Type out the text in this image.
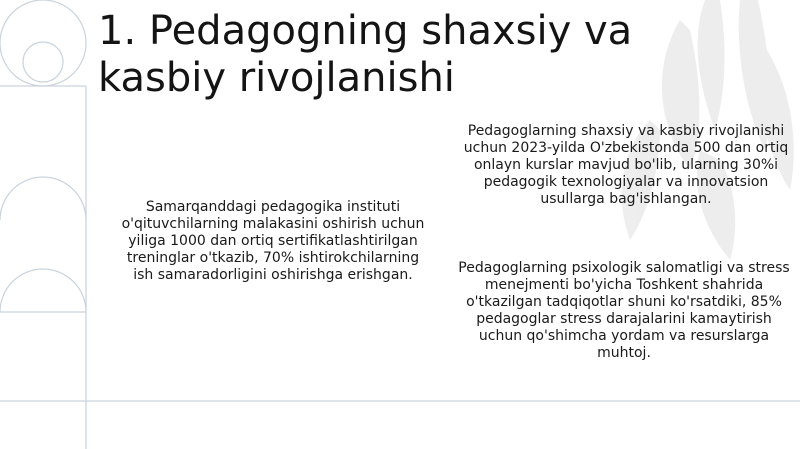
1. Pedagogning shaxsiy va kasbiy rivojlanishi

Samarqanddagi pedagogika instituti o'qituvchilarning malakasini oshirish uchun yiliga 1000 dan ortiq sertifikatlashtirilgan treninglar o'tkazib, 70% ishtirokchilarning ish samaradorligini oshirishga erishgan.

Pedagoglarning shaxsiy va kasbiy rivojlanishi uchun 2023-yilda O'zbekistonda 500 dan ortiq onlayn kurslar mavjud bo'lib, ularning 30%i pedagogik texnologiyalar va innovatsion usullarga bag'ishlangan.

Pedagoglarning psixologik salomatligi va stress menejmenti bo'yicha Toshkent shahrida o'tkazilgan tadqiqotlar shuni ko'rsatdiki, 85% pedagoglar stress darajalarini kamaytirish uchun qo'shimcha yordam va resurslarga muhtoj.
